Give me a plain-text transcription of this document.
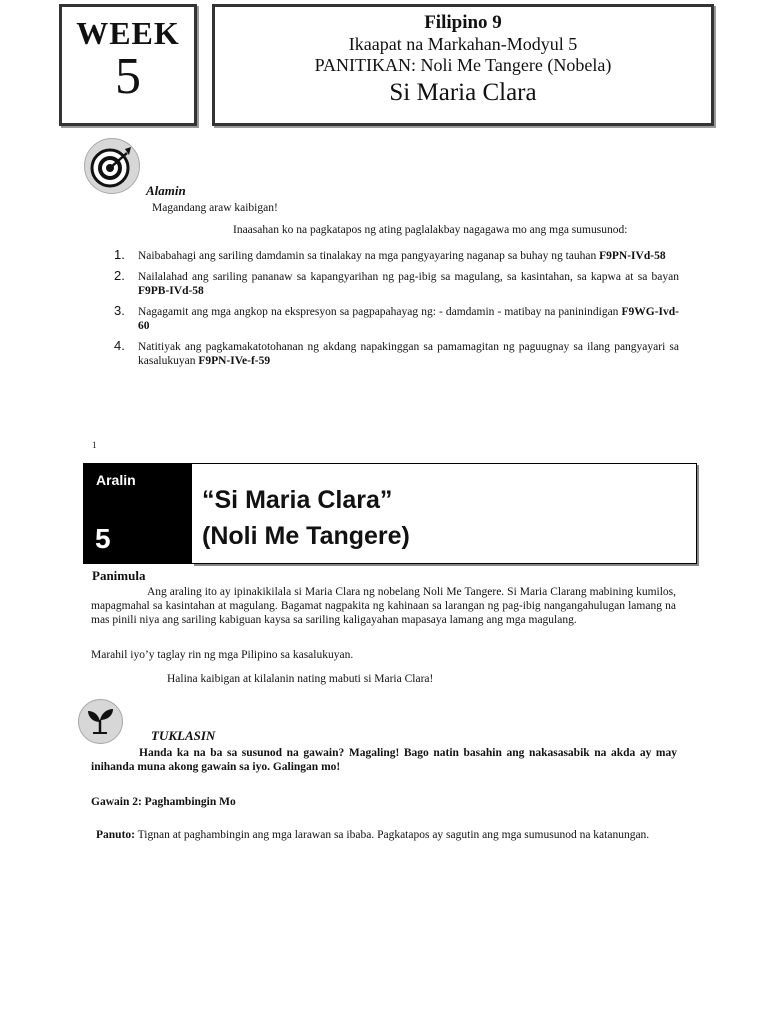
WEEK
5
Filipino 9
Ikaapat na Markahan-Modyul 5
PANITIKAN: Noli Me Tangere (Nobela)
Si Maria Clara
Alamin
Magandang araw kaibigan!
Inaasahan ko na pagkatapos ng ating paglalakbay nagagawa mo ang mga sumusunod:
1. Naibabahagi ang sariling damdamin sa tinalakay na mga pangyayaring naganap sa buhay ng tauhan F9PN-IVd-58
2. Nailalahad ang sariling pananaw sa kapangyarihan ng pag-ibig sa magulang, sa kasintahan, sa kapwa at sa bayan F9PB-IVd-58
3. Nagagamit ang mga angkop na ekspresyon sa pagpapahayag ng: - damdamin - matibay na paninindigan F9WG-Ivd-60
4. Natitiyak ang pagkamakatotohanan ng akdang napakinggan sa pamamagitan ng paguugnay sa ilang pangyayari sa kasalukuyan F9PN-IVe-f-59
1
Aralin
5
“Si Maria Clara”
(Noli Me Tangere)
Panimula
Ang araling ito ay ipinakikilala si Maria Clara ng nobelang Noli Me Tangere. Si Maria Clarang mabining kumilos, mapagmahal sa kasintahan at magulang. Bagamat nagpakita ng kahinaan sa larangan ng pag-ibig nangangahulugan lamang na mas pinili niya ang sariling kabiguan kaysa sa sariling kaligayahan mapasaya lamang ang mga magulang.
Marahil iyo’y taglay rin ng mga Pilipino sa kasalukuyan.
Halina kaibigan at kilalanin nating mabuti si Maria Clara!
TUKLASIN
Handa ka na ba sa susunod na gawain? Magaling! Bago natin basahin ang nakasasabik na akda ay may inihanda muna akong gawain sa iyo. Galingan mo!
Gawain 2: Paghambingin Mo
Panuto: Tignan at paghambingin ang mga larawan sa ibaba. Pagkatapos ay sagutin ang mga sumusunod na katanungan.
